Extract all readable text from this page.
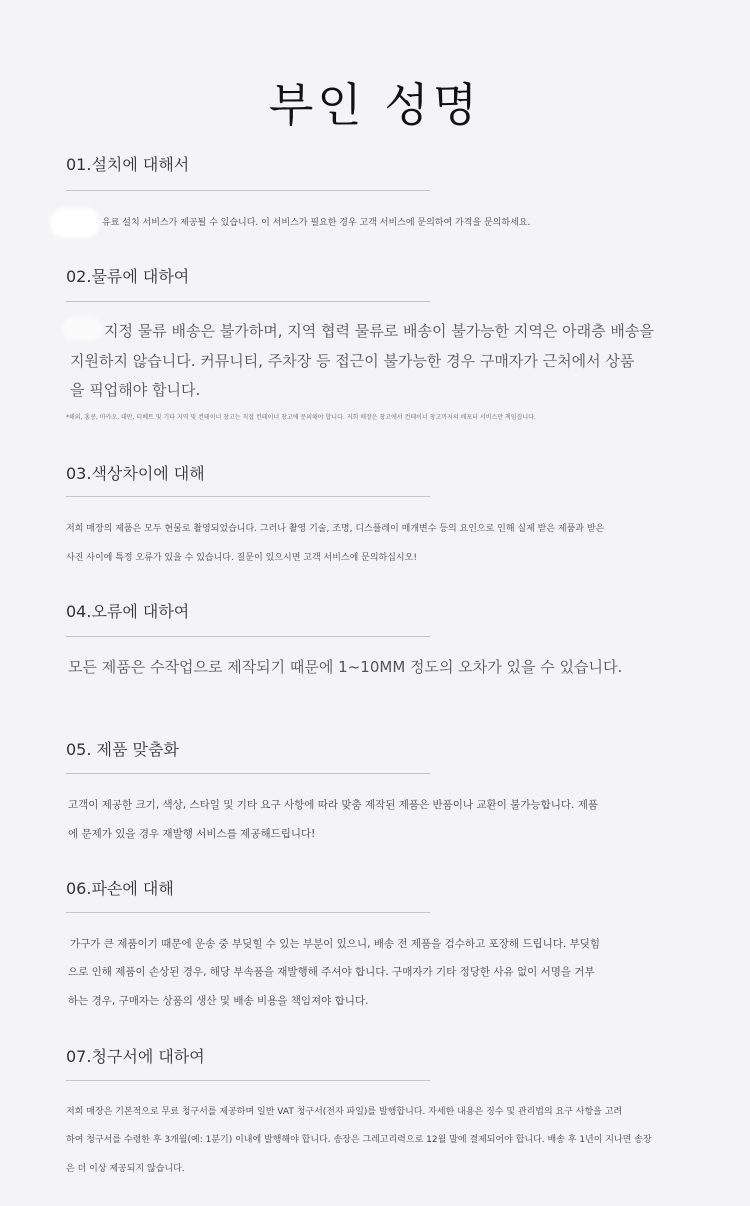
부인 성명
01.설치에 대해서
유료 설치 서비스가 제공될 수 있습니다. 이 서비스가 필요한 경우 고객 서비스에 문의하여 가격을 문의하세요.
02.물류에 대하여
지정 물류 배송은 불가하며, 지역 협력 물류로 배송이 불가능한 지역은 아래층 배송을
지원하지 않습니다. 커뮤니티, 주차장 등 접근이 불가능한 경우 구매자가 근처에서 상품
을 픽업해야 합니다.
*해외, 홍콩, 마카오, 대만, 티베트 및 기타 지역 및 컨테이너 창고는 직접 컨테이너 창고에 문의해야 합니다. 저희 매장은 창고에서 컨테이너 창고까지의 배포터 서비스만 책임집니다.
03.색상차이에 대해
저희 매장의 제품은 모두 현물로 촬영되었습니다. 그러나 촬영 기술, 조명, 디스플레이 매개변수 등의 요인으로 인해 실제 받은 제품과 받은
사진 사이에 특정 오류가 있을 수 있습니다. 질문이 있으시면 고객 서비스에 문의하십시오!
04.오류에 대하여
모든 제품은 수작업으로 제작되기 때문에 1~10MM 정도의 오차가 있을 수 있습니다.
05. 제품 맞춤화
고객이 제공한 크기, 색상, 스타일 및 기타 요구 사항에 따라 맞춤 제작된 제품은 반품이나 교환이 불가능합니다. 제품
에 문제가 있을 경우 재발행 서비스를 제공해드립니다!
06.파손에 대해
가구가 큰 제품이기 때문에 운송 중 부딪힐 수 있는 부분이 있으니, 배송 전 제품을 검수하고 포장해 드립니다. 부딪힘
으로 인해 제품이 손상된 경우, 해당 부속품을 재발행해 주셔야 합니다. 구매자가 기타 정당한 사유 없이 서명을 거부
하는 경우, 구매자는 상품의 생산 및 배송 비용을 책임져야 합니다.
07.청구서에 대하여
저희 매장은 기본적으로 무료 청구서를 제공하며 일반 VAT 청구서(전자 파일)를 발행합니다. 자세한 내용은 징수 및 관리법의 요구 사항을 고려
하여 청구서를 수령한 후 3개월(예: 1분기) 이내에 발행해야 합니다. 송장은 그레고리력으로 12월 말에 결제되어야 합니다. 배송 후 1년이 지나면 송장
은 더 이상 제공되지 않습니다.
